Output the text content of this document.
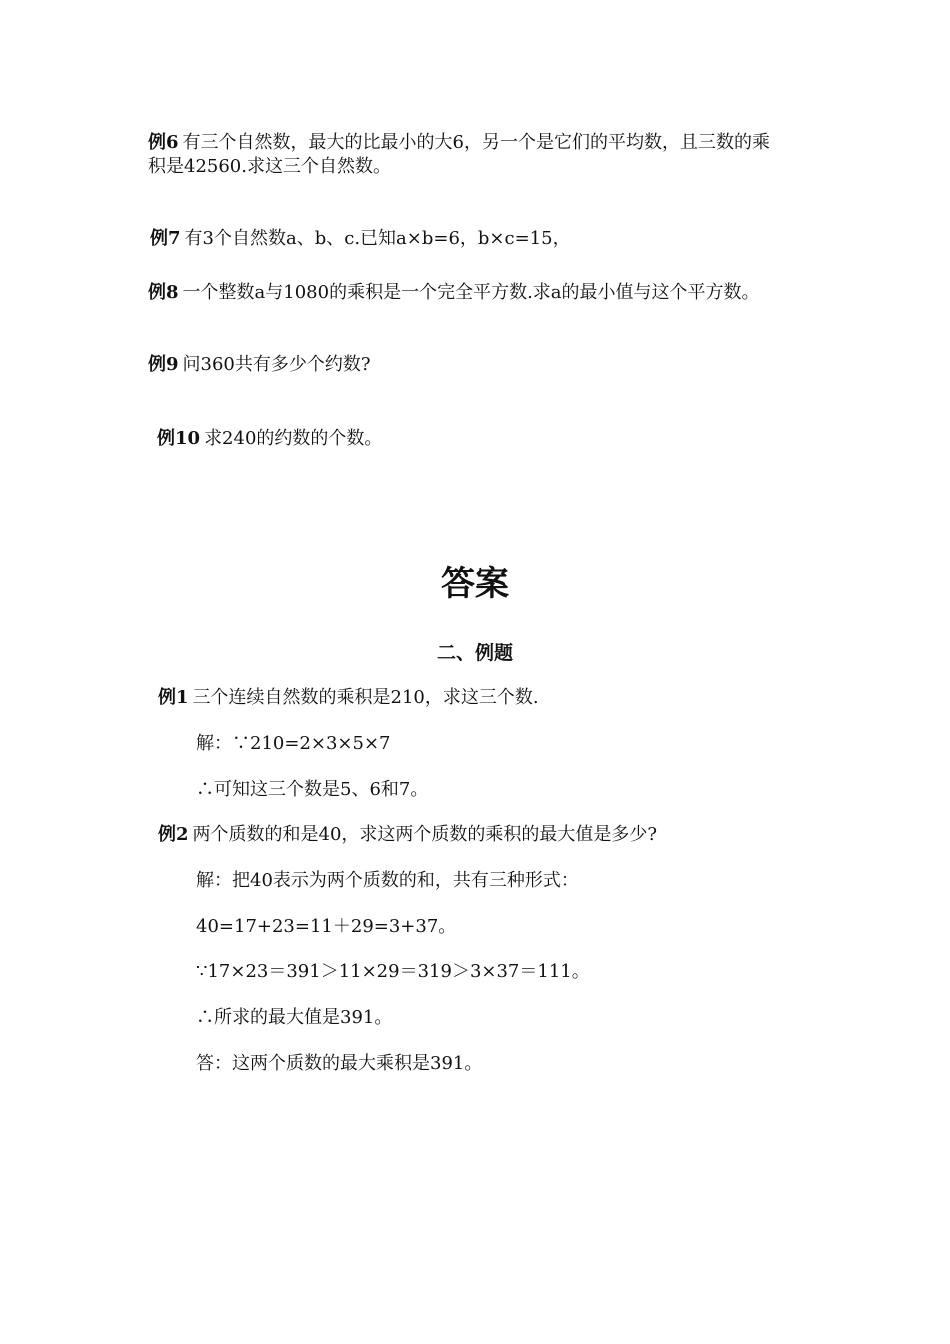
例6 有三个自然数，最大的比最小的大6，另一个是它们的平均数，且三数的乘
积是42560.求这三个自然数。
例7 有3个自然数a、b、c.已知a×b=6，b×c=15，
例8 一个整数a与1080的乘积是一个完全平方数.求a的最小值与这个平方数。
例9 问360共有多少个约数?
例10 求240的约数的个数。
答案
二、例题
例1 三个连续自然数的乘积是210，求这三个数.
解：∵210=2×3×5×7
∴可知这三个数是5、6和7。
例2 两个质数的和是40，求这两个质数的乘积的最大值是多少?
解：把40表示为两个质数的和，共有三种形式：
40=17+23=11＋29=3+37。
∵17×23＝391＞11×29＝319＞3×37＝111。
∴所求的最大值是391。
答：这两个质数的最大乘积是391。
